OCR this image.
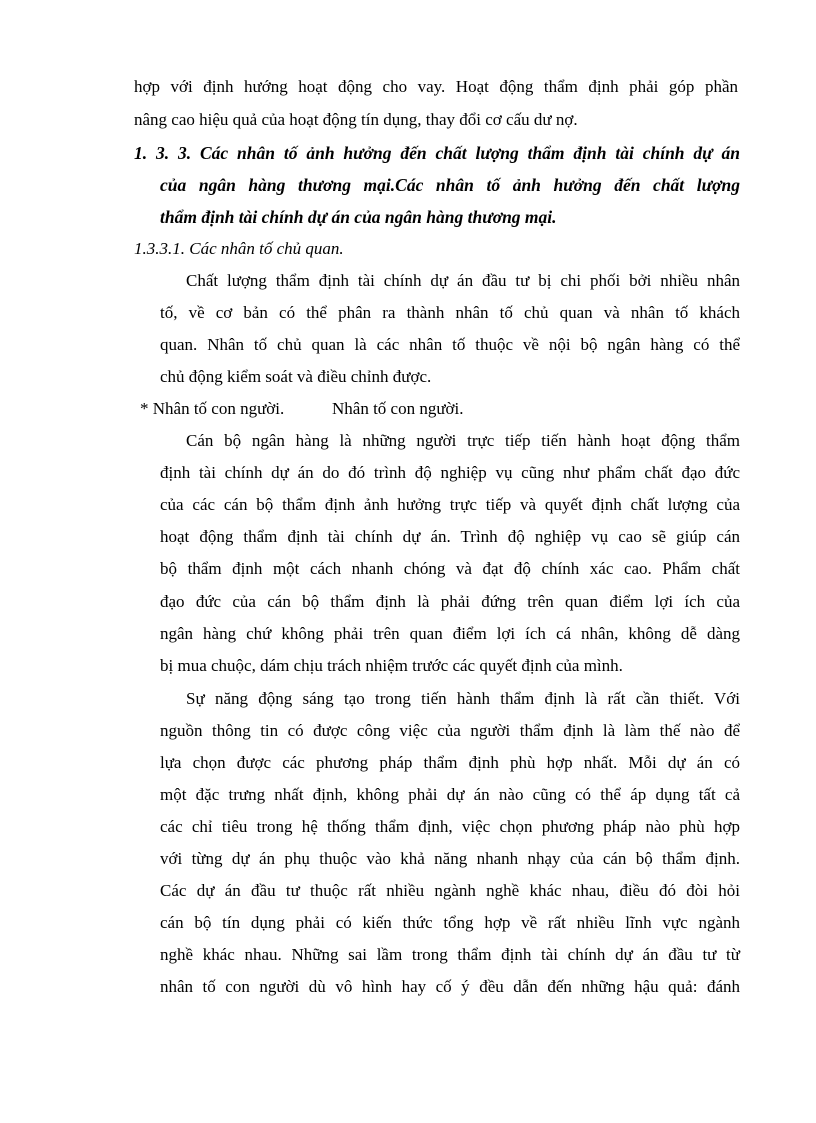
hợp với định hướng hoạt động cho vay. Hoạt động thẩm định phải góp phần
nâng cao hiệu quả của hoạt động tín dụng, thay đổi cơ cấu dư nợ.
1. 3. 3. Các nhân tố ảnh hưởng đến chất lượng thẩm định tài chính dự án
của ngân hàng thương mại.Các nhân tố ảnh hưởng đến chất lượng
thẩm định tài chính dự án của ngân hàng thương mại.
1.3.3.1. Các nhân tố chủ quan.
Chất lượng thẩm định tài chính dự án đầu tư bị chi phối bởi nhiều nhân
tố, về cơ bản có thể phân ra thành nhân tố chủ quan và nhân tố khách
quan. Nhân tố chủ quan là các nhân tố thuộc về nội bộ ngân hàng có thể
chủ động kiểm soát và điều chỉnh được.
* Nhân tố con người.	Nhân tố con người.
Cán bộ ngân hàng là những người trực tiếp tiến hành hoạt động thẩm
định tài chính dự án do đó trình độ nghiệp vụ cũng như phẩm chất đạo đức
của các cán bộ thẩm định ảnh hưởng trực tiếp và quyết định chất lượng của
hoạt động thẩm định tài chính dự án. Trình độ nghiệp vụ cao sẽ giúp cán
bộ thẩm định một cách nhanh chóng và đạt độ chính xác cao. Phẩm chất
đạo đức của cán bộ thẩm định là phải đứng trên quan điểm lợi ích của
ngân hàng chứ không phải trên quan điểm lợi ích cá nhân, không dễ dàng
bị mua chuộc, dám chịu trách nhiệm trước các quyết định của mình.
Sự năng động sáng tạo trong tiến hành thẩm định là rất cần thiết. Với
nguồn thông tin có được công việc của người thẩm định là làm thế nào để
lựa chọn được các phương pháp thẩm định phù hợp nhất. Mỗi dự án có
một đặc trưng nhất định, không phải dự án nào cũng có thể áp dụng tất cả
các chỉ tiêu trong hệ thống thẩm định, việc chọn phương pháp nào phù hợp
với từng dự án phụ thuộc vào khả năng nhanh nhạy của cán bộ thẩm định.
Các dự án đầu tư thuộc rất nhiều ngành nghề khác nhau, điều đó đòi hỏi
cán bộ tín dụng phải có kiến thức tổng hợp về rất nhiều lĩnh vực ngành
nghề khác nhau. Những sai lầm trong thẩm định tài chính dự án đầu tư từ
nhân tố con người dù vô hình hay cố ý đều dẫn đến những hậu quả: đánh
